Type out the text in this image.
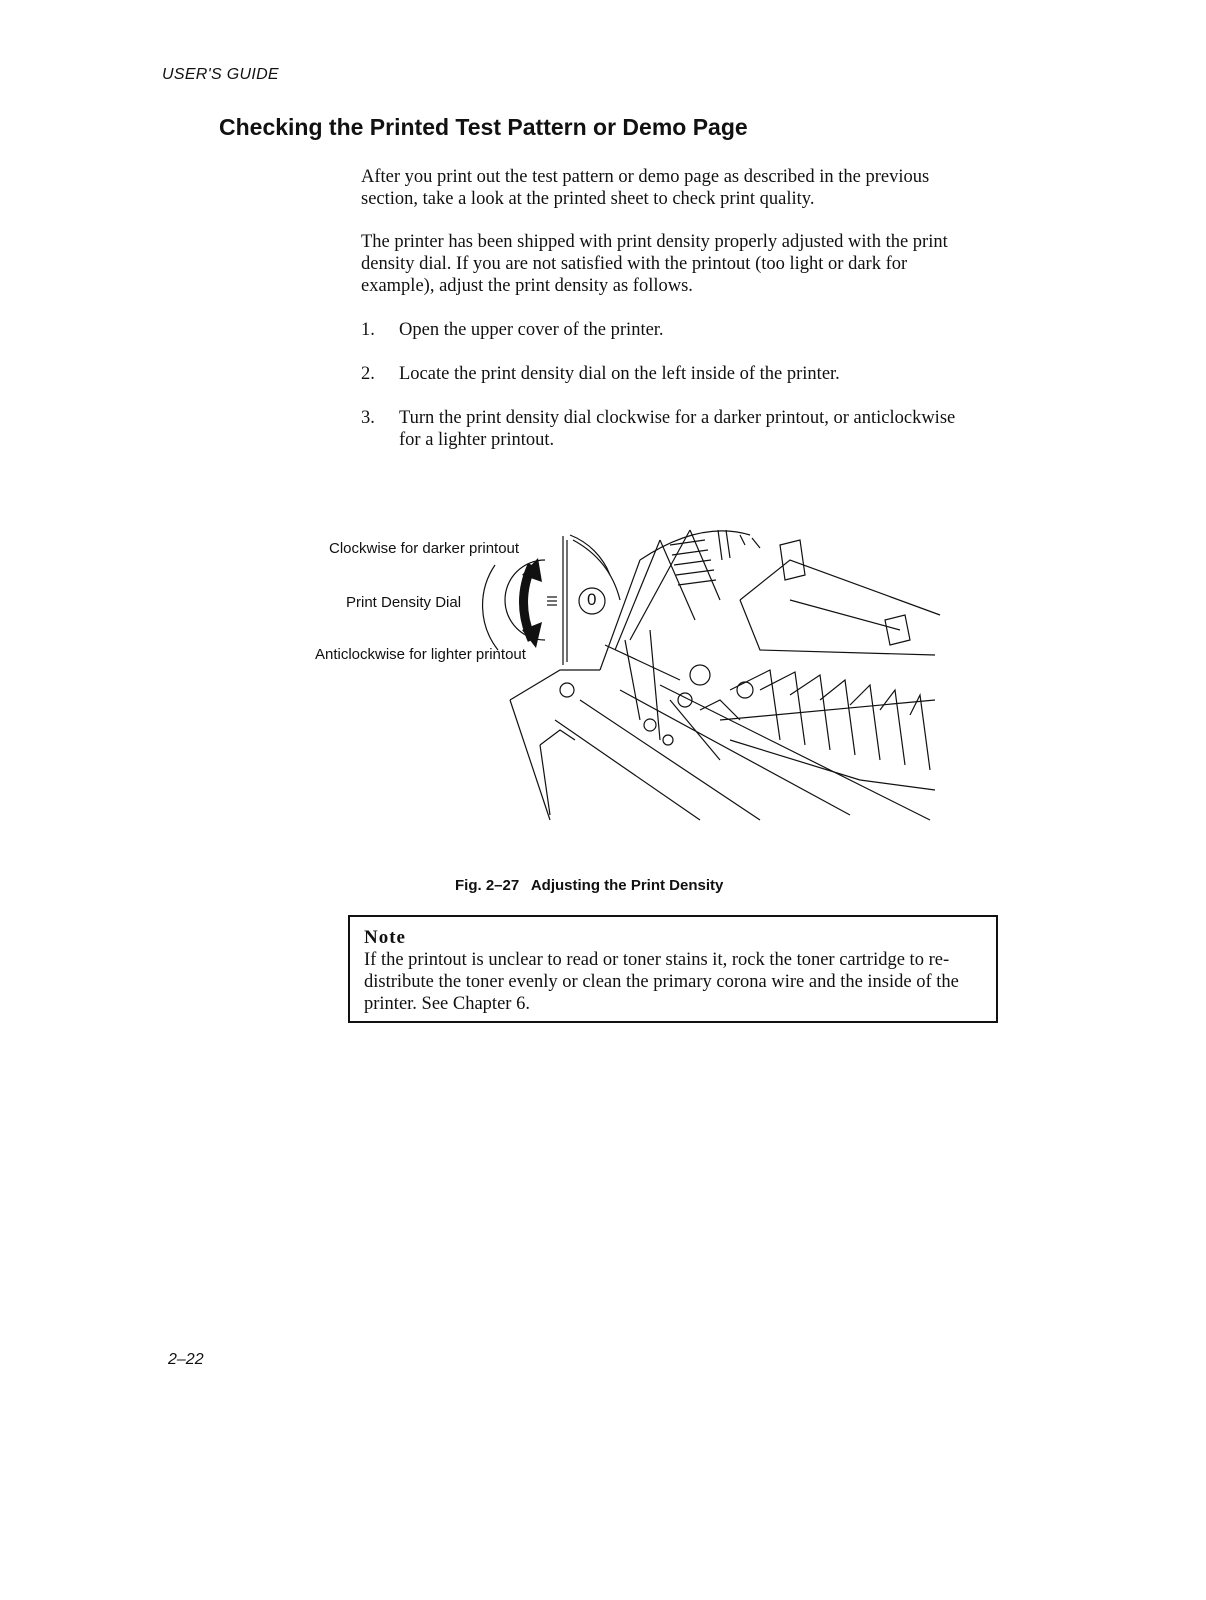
USER'S GUIDE
Checking the Printed Test Pattern or Demo Page

After you print out the test pattern or demo page as described in the previous section, take a look at the printed sheet to check print quality.

The printer has been shipped with print density properly adjusted with the print density dial. If you are not satisfied with the printout (too light or dark for example), adjust the print density as follows.

1. Open the upper cover of the printer.
2. Locate the print density dial on the left inside of the printer.
3. Turn the print density dial clockwise for a darker printout, or anticlockwise for a lighter printout.
Clockwise for darker printout
Print Density Dial
Anticlockwise for lighter printout
0
Fig. 2–27 Adjusting the Print Density
Note
If the printout is unclear to read or toner stains it, rock the toner cartridge to re-distribute the toner evenly or clean the primary corona wire and the inside of the printer. See Chapter 6.
2–22
